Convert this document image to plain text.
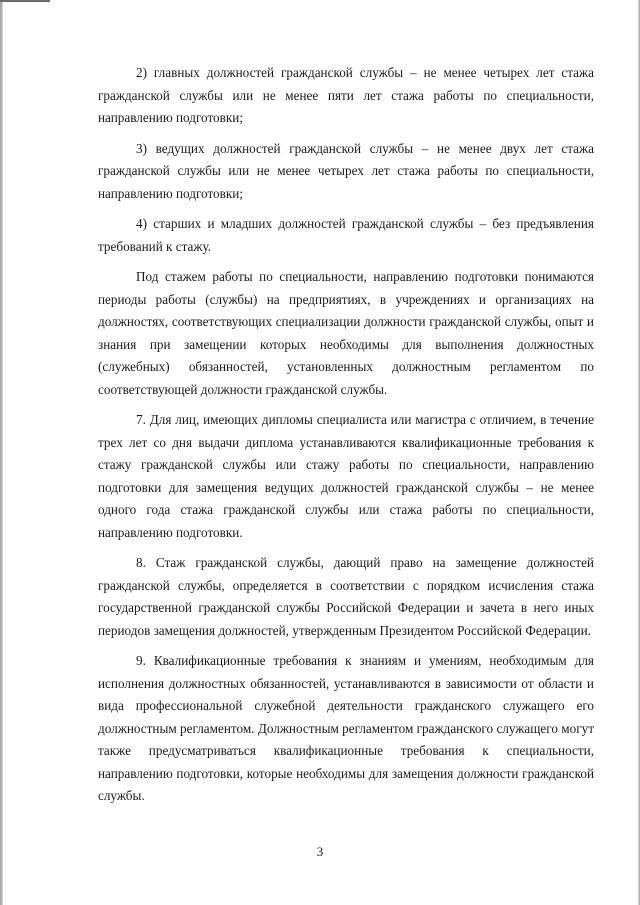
2) главных должностей гражданской службы – не менее четырех лет стажа гражданской службы или не менее пяти лет стажа работы по специальности, направлению подготовки;

3) ведущих должностей гражданской службы – не менее двух лет стажа гражданской службы или не менее четырех лет стажа работы по специальности, направлению подготовки;

4) старших и младших должностей гражданской службы – без предъявления требований к стажу.

Под стажем работы по специальности, направлению подготовки понимаются периоды работы (службы) на предприятиях, в учреждениях и организациях на должностях, соответствующих специализации должности гражданской службы, опыт и знания при замещении которых необходимы для выполнения должностных (служебных) обязанностей, установленных должностным регламентом по соответствующей должности гражданской службы.

7. Для лиц, имеющих дипломы специалиста или магистра с отличием, в течение трех лет со дня выдачи диплома устанавливаются квалификационные требования к стажу гражданской службы или стажу работы по специальности, направлению подготовки для замещения ведущих должностей гражданской службы – не менее одного года стажа гражданской службы или стажа работы по специальности, направлению подготовки.

8. Стаж гражданской службы, дающий право на замещение должностей гражданской службы, определяется в соответствии с порядком исчисления стажа государственной гражданской службы Российской Федерации и зачета в него иных периодов замещения должностей, утвержденным Президентом Российской Федерации.

9. Квалификационные требования к знаниям и умениям, необходимым для исполнения должностных обязанностей, устанавливаются в зависимости от области и вида профессиональной служебной деятельности гражданского служащего его должностным регламентом. Должностным регламентом гражданского служащего могут также предусматриваться квалификационные требования к специальности, направлению подготовки, которые необходимы для замещения должности гражданской службы.

3
